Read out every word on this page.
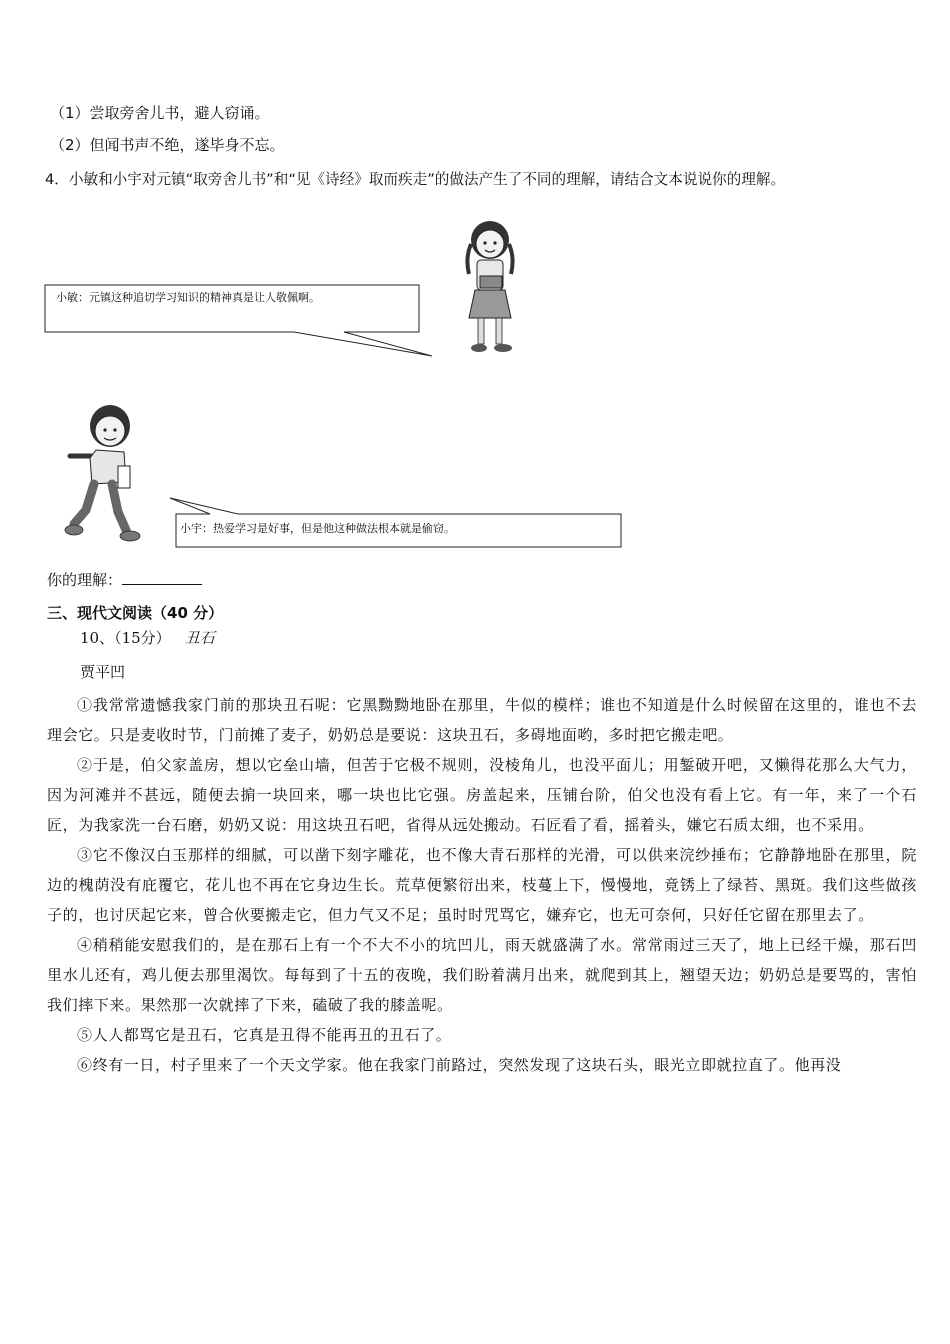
（1）尝取旁舍儿书，避人窃诵。
（2）但闻书声不绝，遂毕身不忘。
4．小敏和小宇对元镇“取旁舍儿书”和“见《诗经》取而疾走”的做法产生了不同的理解，请结合文本说说你的理解。
小敏：元镇这种追切学习知识的精神真是让人敬佩啊。
小宇：热爱学习是好事，但是他这种做法根本就是偷窃。
你的理解：
三、现代文阅读（40 分）
10、（15分） 丑石
贾平凹

①我常常遗憾我家门前的那块丑石呢：它黑黝黝地卧在那里，牛似的模样；谁也不知道是什么时候留在这里的，谁也不去理会它。只是麦收时节，门前摊了麦子，奶奶总是要说：这块丑石，多碍地面哟，多时把它搬走吧。

②于是，伯父家盖房，想以它垒山墙，但苦于它极不规则，没棱角儿，也没平面儿；用錾破开吧，又懒得花那么大气力，因为河滩并不甚远，随便去掮一块回来，哪一块也比它强。房盖起来，压铺台阶，伯父也没有看上它。有一年，来了一个石匠，为我家洗一台石磨，奶奶又说：用这块丑石吧，省得从远处搬动。石匠看了看，摇着头，嫌它石质太细，也不采用。

③它不像汉白玉那样的细腻，可以凿下刻字雕花，也不像大青石那样的光滑，可以供来浣纱捶布；它静静地卧在那里，院边的槐荫没有庇覆它，花儿也不再在它身边生长。荒草便繁衍出来，枝蔓上下，慢慢地，竟锈上了绿苔、黑斑。我们这些做孩子的，也讨厌起它来，曾合伙要搬走它，但力气又不足；虽时时咒骂它，嫌弃它，也无可奈何，只好任它留在那里去了。

④稍稍能安慰我们的，是在那石上有一个不大不小的坑凹儿，雨天就盛满了水。常常雨过三天了，地上已经干燥，那石凹里水儿还有，鸡儿便去那里渴饮。每每到了十五的夜晚，我们盼着满月出来，就爬到其上，翘望天边；奶奶总是要骂的，害怕我们摔下来。果然那一次就摔了下来，磕破了我的膝盖呢。

⑤人人都骂它是丑石，它真是丑得不能再丑的丑石了。

⑥终有一日，村子里来了一个天文学家。他在我家门前路过，突然发现了这块石头，眼光立即就拉直了。他再没
